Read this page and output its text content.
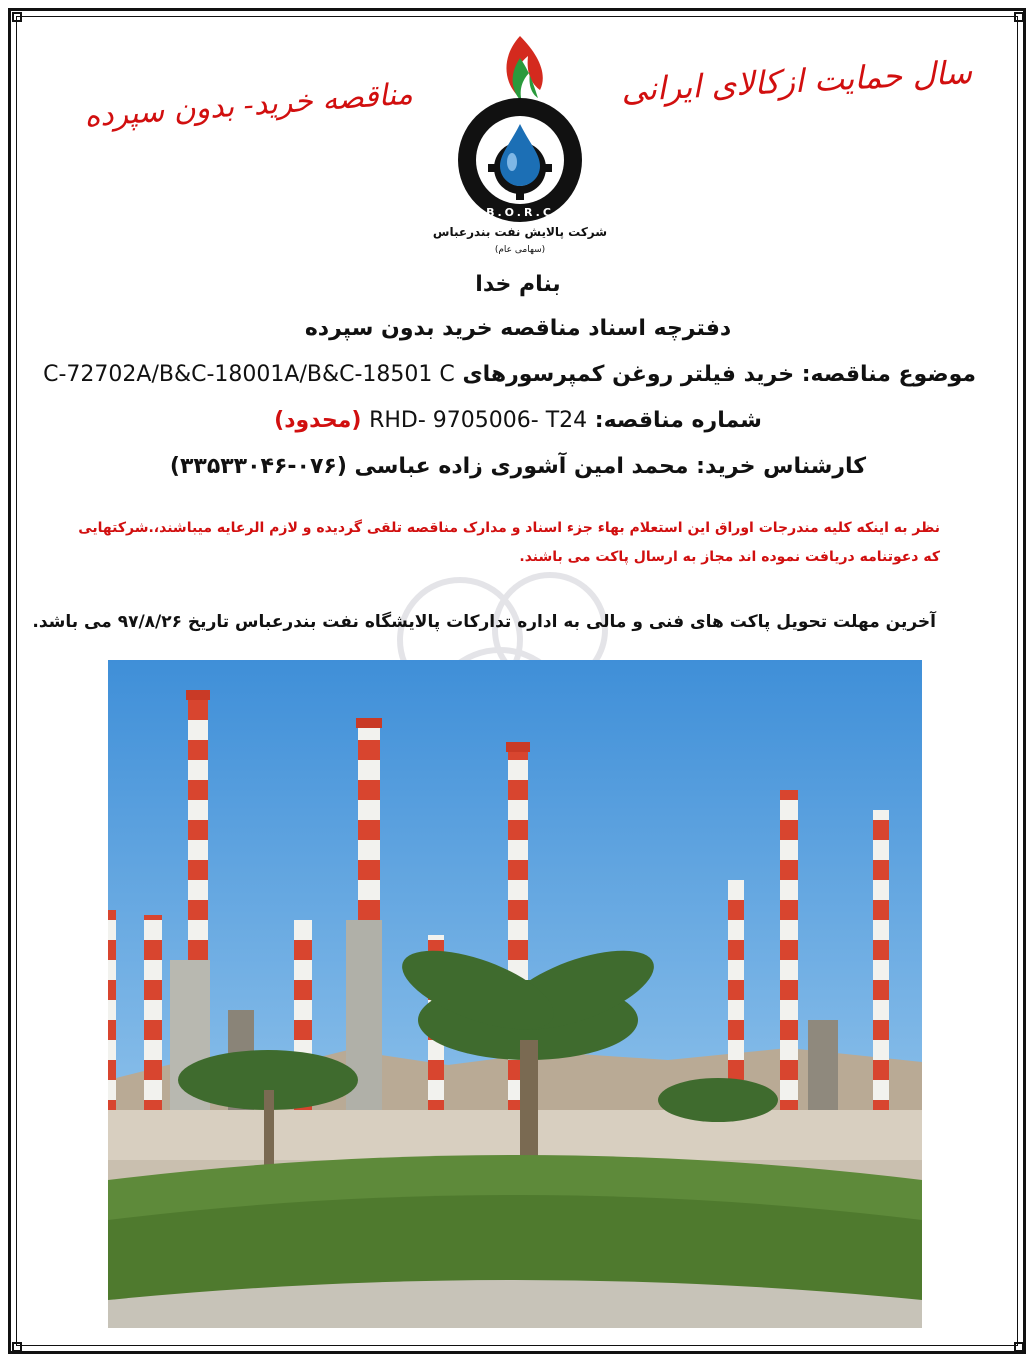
سال حمایت ازکالای ایرانی
مناقصه خرید- بدون سپرده
B.O.R.C
شرکت پالایش نفت بندرعباس
(سهامی عام)
بنام خدا
دفترچه اسناد مناقصه خرید بدون سپرده
موضوع مناقصه: خرید فیلتر روغن کمپرسورهای C-72702A/B&C-18001A/B&C-18501 C
شماره مناقصه: RHD- 9705006- T24 (محدود)
کارشناس خرید: محمد امین آشوری زاده عباسی (۰۷۶-۳۳۵۳۳۰۴۶)
نظر به اینکه کلیه مندرجات اوراق این استعلام بهاء جزء اسناد و مدارک مناقصه تلقی گردیده و لازم الرعایه میباشند،.شرکتهایی که دعوتنامه دریافت نموده اند مجاز به ارسال پاکت می باشند.
آخرین مهلت تحویل پاکت های فنی و مالی به اداره تدارکات پالایشگاه نفت بندرعباس تاریخ ۹۷/۸/۲۶ می باشد.
